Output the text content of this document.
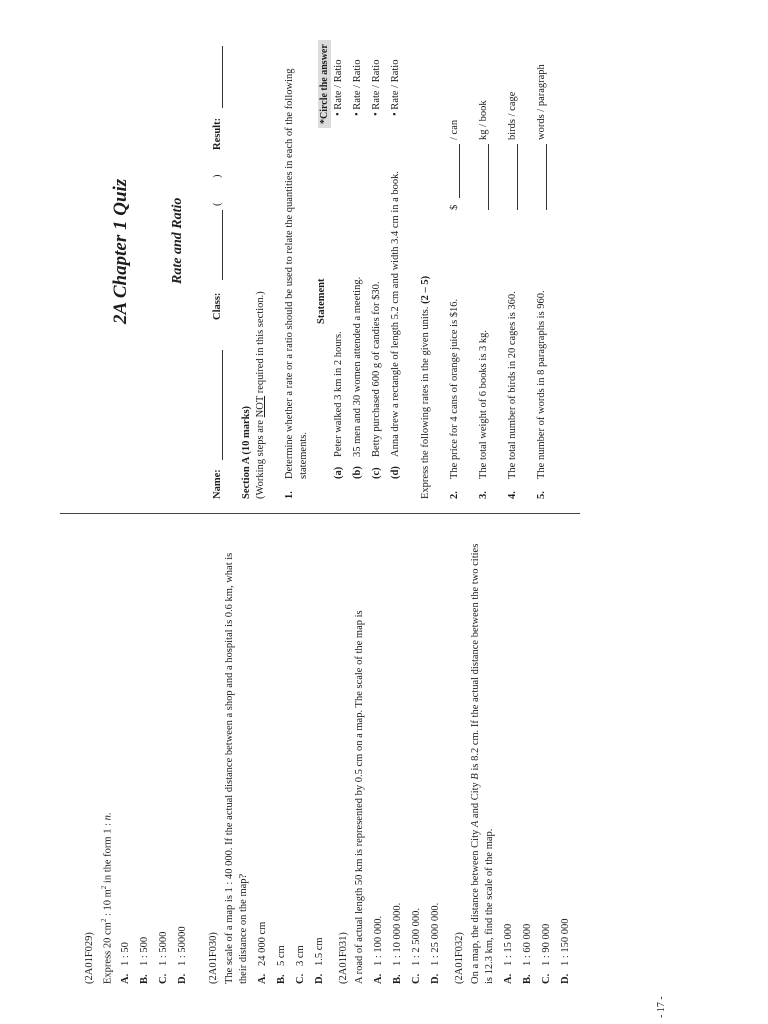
(2A01F029) Express 20 $cm^2$ : 10 $m^2$ in the form 1 : n.
A.1 : 50
B.1 : 500
C.1 : 5000
D.1 : 50000 (2A01F030) The scale of a map is 1 : 40 000. If the actual distance between a shop and a hospital is 0.6 km, what is their distance on the map? A.24 000 cm
B.5 cm
C.3 cm
D.1.5 cm (2A01F031) A road of actual length 50 km is represented by 0.5 cm on a map. The scale of the map is A.1 : 100 000.
B.1 : 10 000 000.
C.1 : 2 500 000.
D.1 : 25 000 000. (2A01F032) On a map, the distance between City A and City B is 8.2 cm. If the actual distance between the two cities
is 12.3 km, find the scale of the map. A.1 : 15 000
B.1 : 60 000
C.1 : 90 000
D.1 : 150 000
- 17 -
2A Chapter 1 Quiz	Rate and Ratio
Name:
Class:
(
)
Result:
Section A (10 marks) (Working steps are NOT required in this section.)
1.
Determine whether a rate or a ratio should be used to relate the quantities in each of the following statements.
Statement
*Circle the answer
(a)Peter walked 3 km in 2 hours.
• Rate / Ratio
(b)35 men and 30 women attended a meeting.
• Rate / Ratio
(c)Betty purchased 600 g of candies for $30.
• Rate / Ratio
(d)Anna drew a rectangle of length 5.2 cm and width 3.4 cm in a book.
• Rate / Ratio
Express the following rates in the given units. (2 – 5)
2.
The price for 4 cans of orange juice is $16.
$
/ can
3.
The total weight of 6 books is 3 kg.
kg / book
4.
The total number of birds in 20 cages is 360.
birds / cage
5.
The number of words in 8 paragraphs is 960.
words / paragraph
